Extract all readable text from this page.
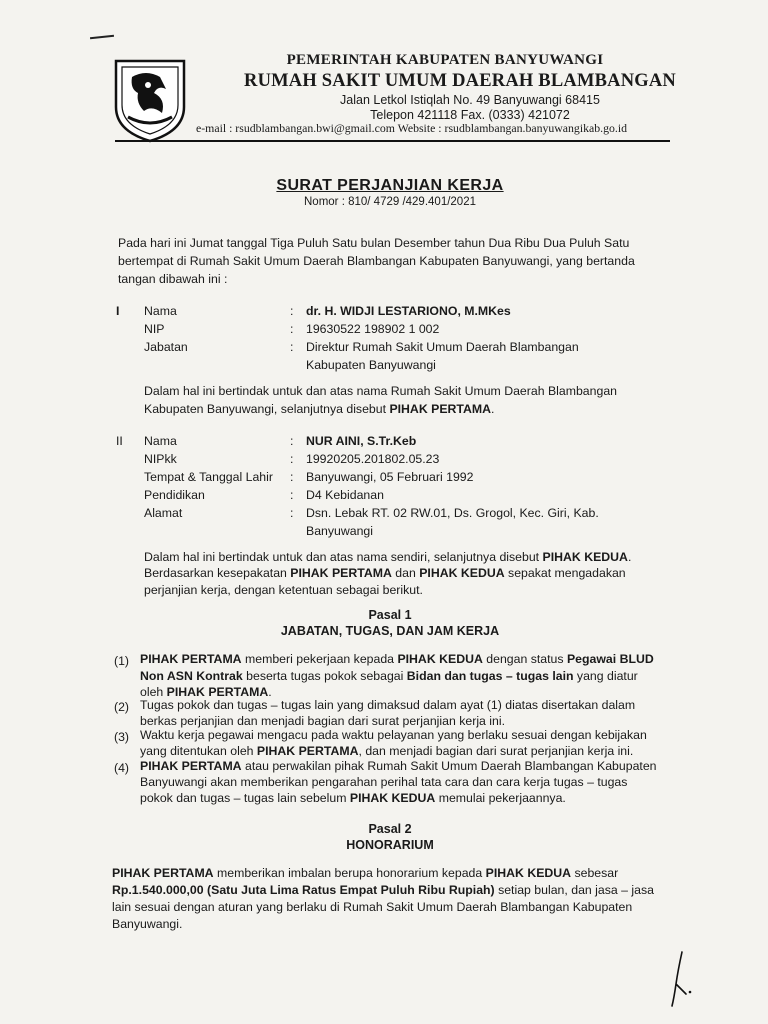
PEMERINTAH KABUPATEN BANYUWANGI
RUMAH SAKIT UMUM DAERAH BLAMBANGAN
Jalan Letkol Istiqlah No. 49 Banyuwangi 68415
Telepon 421118 Fax. (0333) 421072
e-mail : rsudblambangan.bwi@gmail.com Website : rsudblambangan.banyuwangikab.go.id
SURAT PERJANJIAN KERJA
Nomor : 810/ 4729 /429.401/2021
Pada hari ini Jumat tanggal Tiga Puluh Satu bulan Desember tahun Dua Ribu Dua Puluh Satu
bertempat di Rumah Sakit Umum Daerah Blambangan Kabupaten Banyuwangi, yang bertanda
tangan dibawah ini :
I Nama	: dr. H. WIDJI LESTARIONO, M.MKes
NIP	: 19630522 198902 1 002
Jabatan	: Direktur Rumah Sakit Umum Daerah Blambangan
Kabupaten Banyuwangi
Dalam hal ini bertindak untuk dan atas nama Rumah Sakit Umum Daerah Blambangan
Kabupaten Banyuwangi, selanjutnya disebut PIHAK PERTAMA.
II Nama	: NUR AINI, S.Tr.Keb
NIPkk	: 19920205.201802.05.23
Tempat & Tanggal Lahir : Banyuwangi, 05 Februari 1992
Pendidikan	: D4 Kebidanan
Alamat	: Dsn. Lebak RT. 02 RW.01, Ds. Grogol, Kec. Giri, Kab.
Banyuwangi
Dalam hal ini bertindak untuk dan atas nama sendiri, selanjutnya disebut PIHAK KEDUA.
Berdasarkan kesepakatan PIHAK PERTAMA dan PIHAK KEDUA sepakat mengadakan
perjanjian kerja, dengan ketentuan sebagai berikut.
Pasal 1
JABATAN, TUGAS, DAN JAM KERJA
(1) PIHAK PERTAMA memberi pekerjaan kepada PIHAK KEDUA dengan status Pegawai BLUD
Non ASN Kontrak beserta tugas pokok sebagai Bidan dan tugas – tugas lain yang diatur
oleh PIHAK PERTAMA.
(2) Tugas pokok dan tugas – tugas lain yang dimaksud dalam ayat (1) diatas disertakan dalam
berkas perjanjian dan menjadi bagian dari surat perjanjian kerja ini.
(3) Waktu kerja pegawai mengacu pada waktu pelayanan yang berlaku sesuai dengan kebijakan
yang ditentukan oleh PIHAK PERTAMA, dan menjadi bagian dari surat perjanjian kerja ini.
(4) PIHAK PERTAMA atau perwakilan pihak Rumah Sakit Umum Daerah Blambangan Kabupaten
Banyuwangi akan memberikan pengarahan perihal tata cara dan cara kerja tugas – tugas
pokok dan tugas – tugas lain sebelum PIHAK KEDUA memulai pekerjaannya.
Pasal 2
HONORARIUM
PIHAK PERTAMA memberikan imbalan berupa honorarium kepada PIHAK KEDUA sebesar
Rp.1.540.000,00 (Satu Juta Lima Ratus Empat Puluh Ribu Rupiah) setiap bulan, dan jasa – jasa
lain sesuai dengan aturan yang berlaku di Rumah Sakit Umum Daerah Blambangan Kabupaten
Banyuwangi.
